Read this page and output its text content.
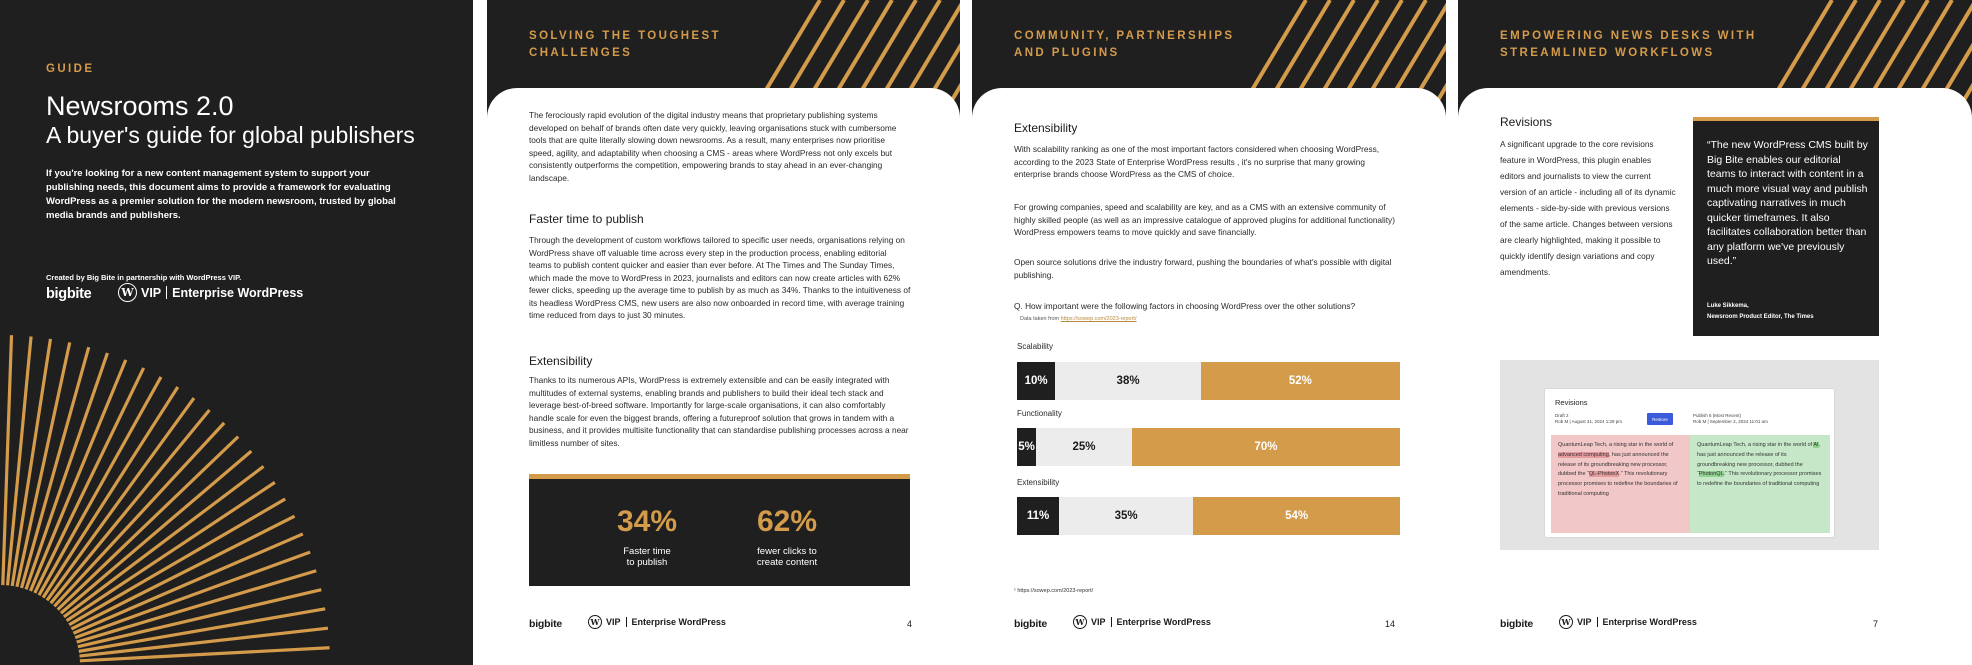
GUIDE
Newsrooms 2.0
A buyer's guide for global publishers
If you're looking for a new content management system to support your publishing needs, this document aims to provide a framework for evaluating WordPress as a premier solution for the modern newsroom, trusted by global media brands and publishers.
Created by Big Bite in partnership with WordPress VIP.
bigbite	W VIP Enterprise WordPress
SOLVING THE TOUGHEST
CHALLENGES
The ferociously rapid evolution of the digital industry means that proprietary publishing systems developed on behalf of brands often date very quickly, leaving organisations stuck with cumbersome tools that are quite literally slowing down newsrooms. As a result, many enterprises now prioritise speed, agility, and adaptability when choosing a CMS - areas where WordPress not only excels but consistently outperforms the competition, empowering brands to stay ahead in an ever-changing landscape.
Faster time to publish
Through the development of custom workflows tailored to specific user needs, organisations relying on WordPress shave off valuable time across every step in the production process, enabling editorial teams to publish content quicker and easier than ever before. At The Times and The Sunday Times, which made the move to WordPress in 2023, journalists and editors can now create articles with 62% fewer clicks, speeding up the average time to publish by as much as 34%. Thanks to the intuitiveness of its headless WordPress CMS, new users are also now onboarded in record time, with average training time reduced from days to just 30 minutes.
Extensibility
Thanks to its numerous APIs, WordPress is extremely extensible and can be easily integrated with multitudes of external systems, enabling brands and publishers to build their ideal tech stack and leverage best-of-breed software. Importantly for large-scale organisations, it can also comfortably handle scale for even the biggest brands, offering a futureproof solution that grows in tandem with a business, and it provides multisite functionality that can standardise publishing processes across a near limitless number of sites.
34%
Faster time
to publish
62%
fewer clicks to
create content
bigbite	W VIP Enterprise WordPress	4
COMMUNITY, PARTNERSHIPS
AND PLUGINS
Extensibility
With scalability ranking as one of the most important factors considered when choosing WordPress, according to the 2023 State of Enterprise WordPress results , it's no surprise that many growing enterprise brands choose WordPress as the CMS of choice.
For growing companies, speed and scalability are key, and as a CMS with an extensive community of highly skilled people (as well as an impressive catalogue of approved plugins for additional functionality) WordPress empowers teams to move quickly and save financially.
Open source solutions drive the industry forward, pushing the boundaries of what's possible with digital publishing.
Q. How important were the following factors in choosing WordPress over the other solutions?
Data taken from https://sowep.com/2023-report/
Scalability
10%	38%	52%
Functionality
5%	25%	70%
Extensibility
11%	35%	54%
¹ https://sowep.com/2023-report/
bigbite	W VIP Enterprise WordPress	14
EMPOWERING NEWS DESKS WITH
STREAMLINED WORKFLOWS
Revisions
A significant upgrade to the core revisions feature in WordPress, this plugin enables editors and journalists to view the current version of an article - including all of its dynamic elements - side-by-side with previous versions of the same article. Changes between versions are clearly highlighted, making it possible to quickly identify design variations and copy amendments.
“The new WordPress CMS built by Big Bite enables our editorial teams to interact with content in a much more visual way and publish captivating narratives in much quicker timeframes. It also facilitates collaboration better than any platform we've previously used.”
Luke Sikkema,
Newsroom Product Editor, The Times
Revisions
Draft 2
Rob M | August 31, 2024 1:29 pm	Restore
Publish 6 (Most Recent)
Rob M | September 2, 2024 11:01 am
QuantumLeap Tech, a rising star in the world of advanced computing, has just announced the release of its groundbreaking new processor, dubbed the “QL-PhotonX.” This revolutionary processor promises to redefine the boundaries of traditional computing
QuantumLeap Tech, a rising star in the world of AI, has just announced the release of its groundbreaking new processor, dubbed the “PhotonQL.” This revolutionary processor promises to redefine the boundaries of traditional computing
bigbite	W VIP Enterprise WordPress	7
